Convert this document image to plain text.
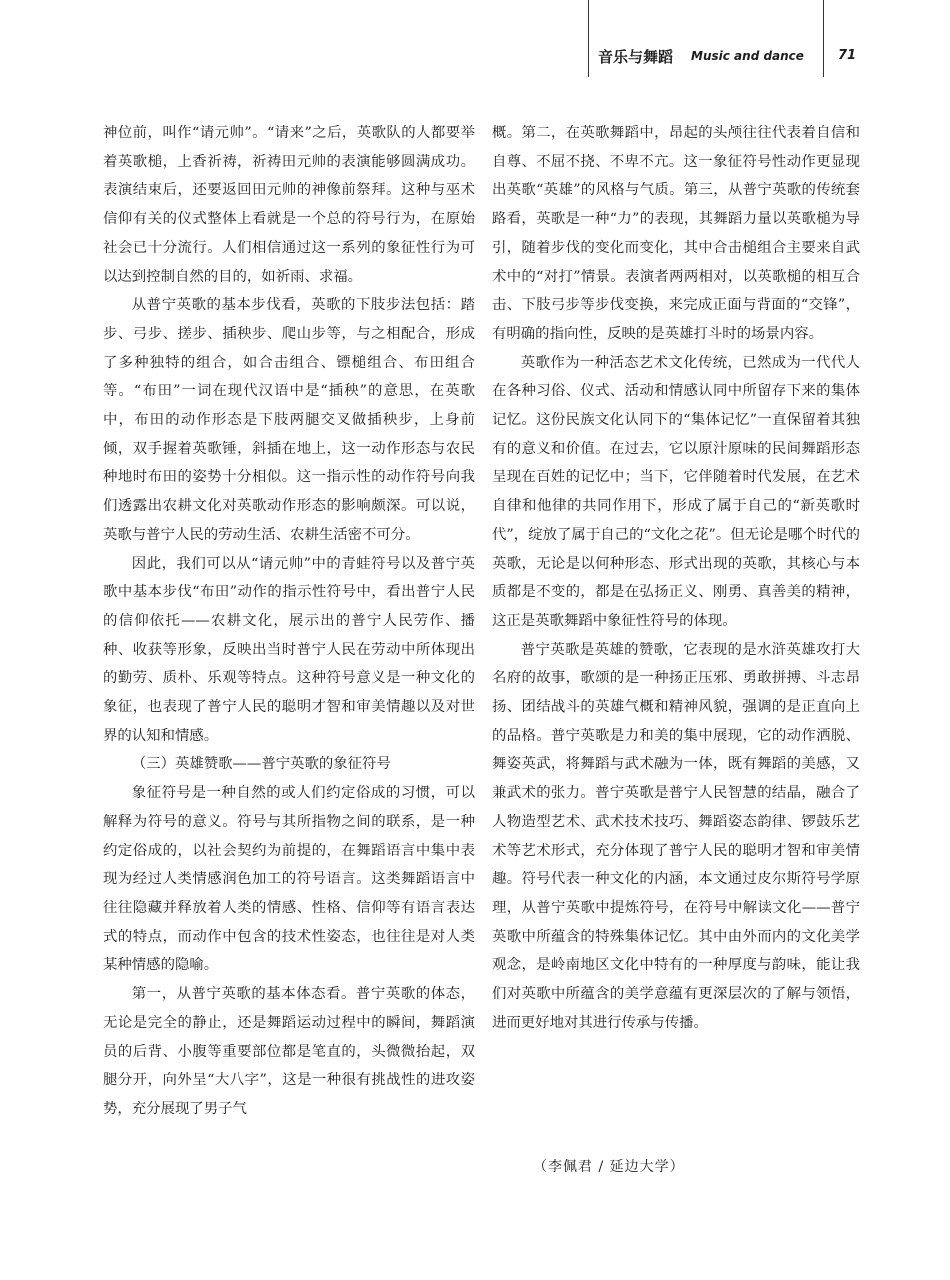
音乐与舞蹈 Music and dance	71

神位前，叫作“请元帅”。“请来”之后，英歌队的人都要举着英歌槌，上香祈祷，祈祷田元帅的表演能够圆满成功。表演结束后，还要返回田元帅的神像前祭拜。这种与巫术信仰有关的仪式整体上看就是一个总的符号行为，在原始社会已十分流行。人们相信通过这一系列的象征性行为可以达到控制自然的目的，如祈雨、求福。

从普宁英歌的基本步伐看，英歌的下肢步法包括：踏步、弓步、搓步、插秧步、爬山步等，与之相配合，形成了多种独特的组合，如合击组合、镖槌组合、布田组合等。“布田”一词在现代汉语中是“插秧”的意思，在英歌中，布田的动作形态是下肢两腿交叉做插秧步，上身前倾，双手握着英歌锤，斜插在地上，这一动作形态与农民种地时布田的姿势十分相似。这一指示性的动作符号向我们透露出农耕文化对英歌动作形态的影响颇深。可以说，英歌与普宁人民的劳动生活、农耕生活密不可分。

因此，我们可以从“请元帅”中的青蛙符号以及普宁英歌中基本步伐“布田”动作的指示性符号中，看出普宁人民的信仰依托——农耕文化，展示出的普宁人民劳作、播种、收获等形象，反映出当时普宁人民在劳动中所体现出的勤劳、质朴、乐观等特点。这种符号意义是一种文化的象征，也表现了普宁人民的聪明才智和审美情趣以及对世界的认知和情感。

（三）英雄赞歌——普宁英歌的象征符号

象征符号是一种自然的或人们约定俗成的习惯，可以解释为符号的意义。符号与其所指物之间的联系，是一种约定俗成的，以社会契约为前提的，在舞蹈语言中集中表现为经过人类情感润色加工的符号语言。这类舞蹈语言中往往隐藏并释放着人类的情感、性格、信仰等有语言表达式的特点，而动作中包含的技术性姿态，也往往是对人类某种情感的隐喻。

第一，从普宁英歌的基本体态看。普宁英歌的体态，无论是完全的静止，还是舞蹈运动过程中的瞬间，舞蹈演员的后背、小腹等重要部位都是笔直的，头微微抬起，双腿分开，向外呈“大八字”，这是一种很有挑战性的进攻姿势，充分展现了男子气

概。第二，在英歌舞蹈中，昂起的头颅往往代表着自信和自尊、不屈不挠、不卑不亢。这一象征符号性动作更显现出英歌“英雄”的风格与气质。第三，从普宁英歌的传统套路看，英歌是一种“力”的表现，其舞蹈力量以英歌槌为导引，随着步伐的变化而变化，其中合击槌组合主要来自武术中的“对打”情景。表演者两两相对，以英歌槌的相互合击、下肢弓步等步伐变换，来完成正面与背面的“交锋”，有明确的指向性，反映的是英雄打斗时的场景内容。

英歌作为一种活态艺术文化传统，已然成为一代代人在各种习俗、仪式、活动和情感认同中所留存下来的集体记忆。这份民族文化认同下的“集体记忆”一直保留着其独有的意义和价值。在过去，它以原汁原味的民间舞蹈形态呈现在百姓的记忆中；当下，它伴随着时代发展，在艺术自律和他律的共同作用下，形成了属于自己的“新英歌时代”，绽放了属于自己的“文化之花”。但无论是哪个时代的英歌，无论是以何种形态、形式出现的英歌，其核心与本质都是不变的，都是在弘扬正义、刚勇、真善美的精神，这正是英歌舞蹈中象征性符号的体现。

普宁英歌是英雄的赞歌，它表现的是水浒英雄攻打大名府的故事，歌颂的是一种扬正压邪、勇敢拼搏、斗志昂扬、团结战斗的英雄气概和精神风貌，强调的是正直向上的品格。普宁英歌是力和美的集中展现，它的动作洒脱、舞姿英武，将舞蹈与武术融为一体，既有舞蹈的美感，又兼武术的张力。普宁英歌是普宁人民智慧的结晶，融合了人物造型艺术、武术技术技巧、舞蹈姿态韵律、锣鼓乐艺术等艺术形式，充分体现了普宁人民的聪明才智和审美情趣。符号代表一种文化的内涵，本文通过皮尔斯符号学原理，从普宁英歌中提炼符号，在符号中解读文化——普宁英歌中所蕴含的特殊集体记忆。其中由外而内的文化美学观念，是岭南地区文化中特有的一种厚度与韵味，能让我们对英歌中所蕴含的美学意蕴有更深层次的了解与领悟，进而更好地对其进行传承与传播。

（李佩君 / 延边大学）
